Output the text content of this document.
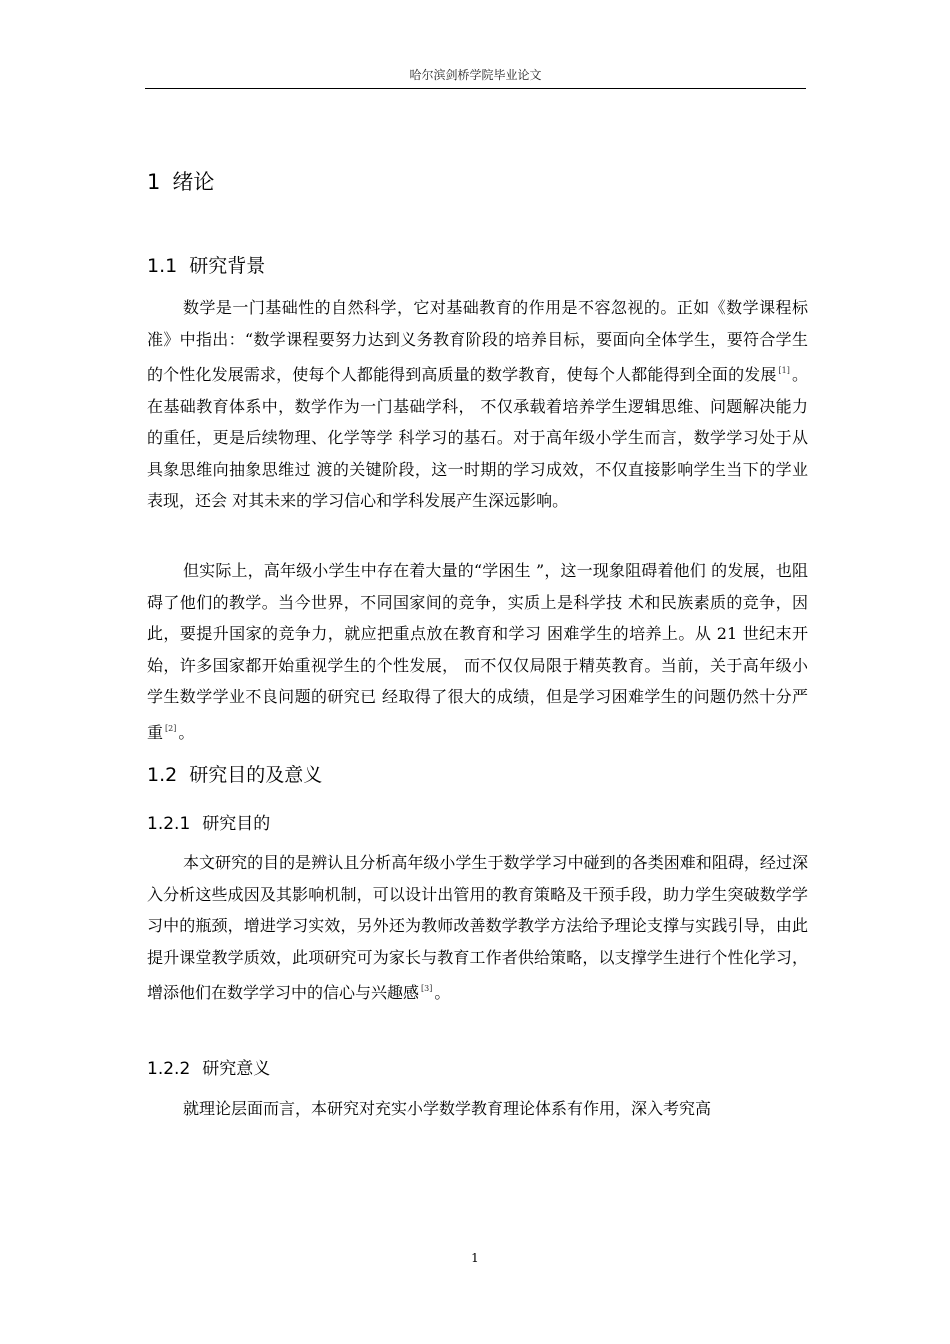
哈尔滨剑桥学院毕业论文
1 绪论
1.1 研究背景

数学是一门基础性的自然科学，它对基础教育的作用是不容忽视的。正如《数学课程标准》中指出：“数学课程要努力达到义务教育阶段的培养目标，要面向全体学生，要符合学生的个性化发展需求，使每个人都能得到高质量的数学教育，使每个人都能得到全面的发展 [1] 。在基础教育体系中，数学作为一门基础学科， 不仅承载着培养学生逻辑思维、问题解决能力的重任，更是后续物理、化学等学 科学习的基石。对于高年级小学生而言，数学学习处于从具象思维向抽象思维过 渡的关键阶段，这一时期的学习成效，不仅直接影响学生当下的学业表现，还会 对其未来的学习信心和学科发展产生深远影响。

但实际上，高年级小学生中存在着大量的“学困生 ”，这一现象阻碍着他们 的发展，也阻碍了他们的教学。当今世界，不同国家间的竞争，实质上是科学技 术和民族素质的竞争，因此，要提升国家的竞争力，就应把重点放在教育和学习 困难学生的培养上。从 21 世纪末开始，许多国家都开始重视学生的个性发展， 而不仅仅局限于精英教育。当前，关于高年级小学生数学学业不良问题的研究已 经取得了很大的成绩，但是学习困难学生的问题仍然十分严重 [2] 。

1.2 研究目的及意义
1.2.1 研究目的

本文研究的目的是辨认且分析高年级小学生于数学学习中碰到的各类困难和阻碍，经过深入分析这些成因及其影响机制，可以设计出管用的教育策略及干预手段，助力学生突破数学学习中的瓶颈，增进学习实效，另外还为教师改善数学教学方法给予理论支撑与实践引导，由此提升课堂教学质效，此项研究可为家长与教育工作者供给策略，以支撑学生进行个性化学习，增添他们在数学学习中的信心与兴趣感 [3] 。

1.2.2 研究意义

就理论层面而言，本研究对充实小学数学教育理论体系有作用，深入考究高

1
